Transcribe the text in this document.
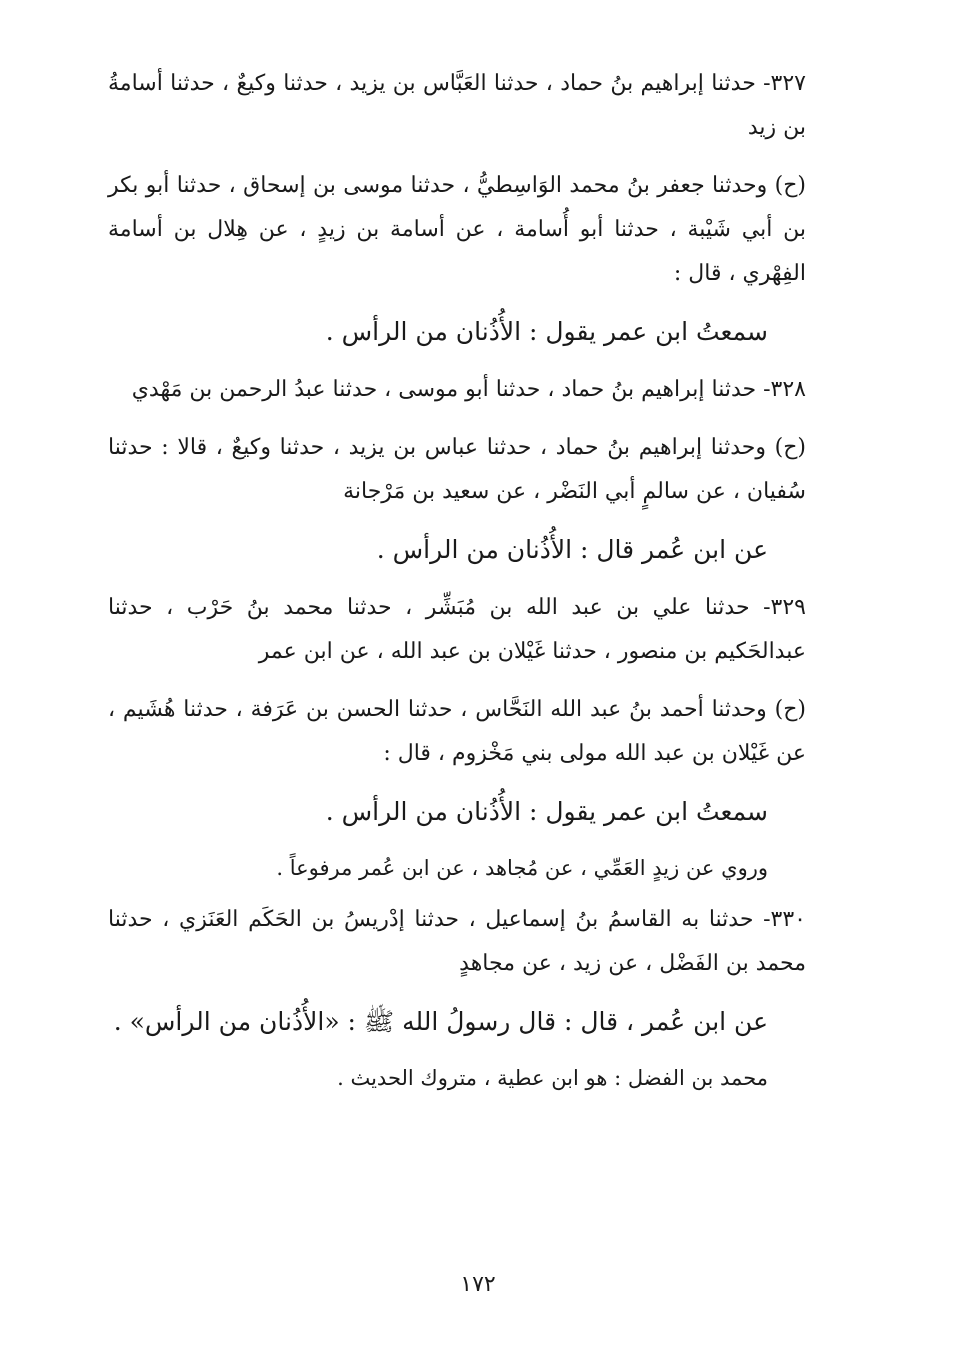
٣٢٧- حدثنا إبراهيم بنُ حماد ، حدثنا العَبَّاس بن يزيد ، حدثنا وكيعٌ ، حدثنا أسامةُ بن زيد

(ح) وحدثنا جعفر بنُ محمد الوَاسِطيُّ ، حدثنا موسى بن إسحاق ، حدثنا أبو بكر بن أبي شَيْبة ، حدثنا أبو أُسامة ، عن أسامة بن زيدٍ ، عن هِلال بن أسامة الفِهْري ، قال :

سمعتُ ابن عمر يقول : الأُذُنان من الرأس .

٣٢٨- حدثنا إبراهيم بنُ حماد ، حدثنا أبو موسى ، حدثنا عبدُ الرحمن بن مَهْدي

(ح) وحدثنا إبراهيم بنُ حماد ، حدثنا عباس بن يزيد ، حدثنا وكيعٌ ، قالا : حدثنا سُفيان ، عن سالمٍ أبي النَضْر ، عن سعيد بن مَرْجانة

عن ابن عُمر قال : الأُذُنان من الرأس .

٣٢٩- حدثنا علي بن عبد الله بن مُبَشِّر ، حدثنا محمد بنُ حَرْب ، حدثنا عبدالحَكيم بن منصور ، حدثنا غَيْلان بن عبد الله ، عن ابن عمر

(ح) وحدثنا أحمد بنُ عبد الله النَحَّاس ، حدثنا الحسن بن عَرَفة ، حدثنا هُشَيم ، عن غَيْلان بن عبد الله مولى بني مَخْزوم ، قال :

سمعتُ ابن عمر يقول : الأُذُنان من الرأس .

وروي عن زيدٍ العَمِّي ، عن مُجاهد ، عن ابن عُمر مرفوعاً .

٣٣٠- حدثنا به القاسمُ بنُ إسماعيل ، حدثنا إدْريسُ بن الحَكَم العَنَزي ، حدثنا محمد بن الفَضْل ، عن زيد ، عن مجاهدٍ

عن ابن عُمر ، قال : قال رسولُ الله ﷺ : «الأُذُنان من الرأس» .

محمد بن الفضل : هو ابن عطية ، متروك الحديث .

١٧٢
